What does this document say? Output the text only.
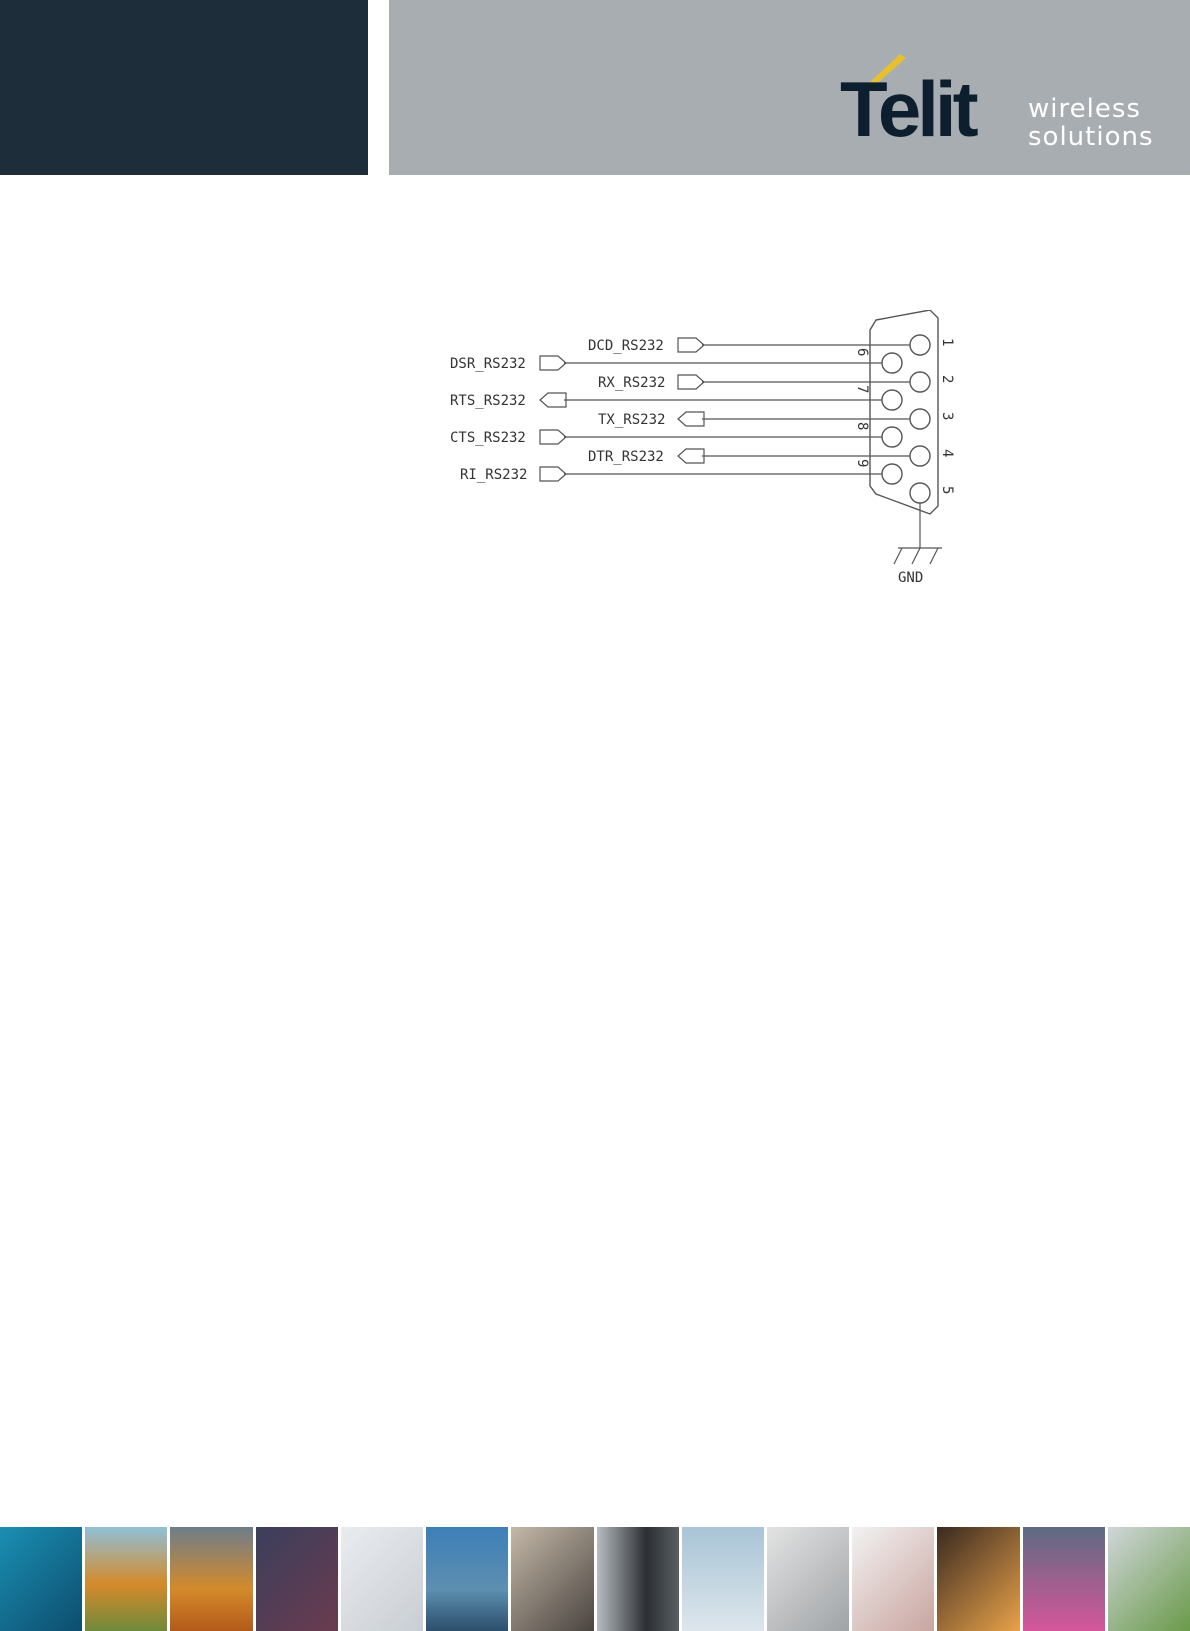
Telit wireless
solutions
DCD_RS232
DSR_RS232
RX_RS232
RTS_RS232
TX_RS232
CTS_RS232
DTR_RS232
RI_RS232
1
2
3
4
5
6
7
8
9
GND
